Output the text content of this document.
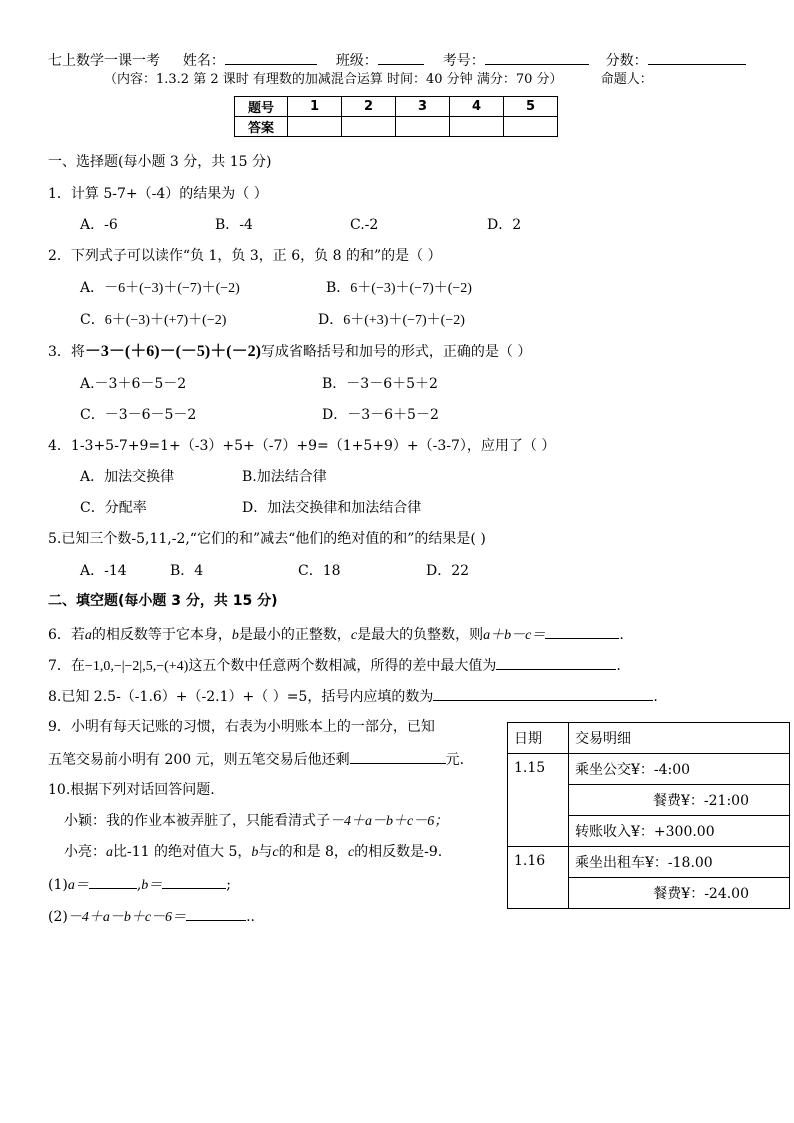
七上数学一课一考 姓名：	班级：	考号：	分数：
（内容：1.3.2 第 2 课时 有理数的加减混合运算 时间：40 分钟 满分：70 分）	命题人：
题号	1	2	3	4	5
答案					
一、选择题(每小题 3 分，共 15 分)
1．计算 5-7+（-4）的结果为（ ）
A．-6	B．-4	C.-2	D．2
2．下列式子可以读作“负 1，负 3，正 6，负 8 的和”的是（ ）
A．－6＋(−3)＋(−7)＋(−2)	B．6＋(−3)＋(−7)＋(−2)
C．6＋(−3)＋(+7)＋(−2)	D．6＋(+3)＋(−7)＋(−2)
3．将－3－(＋6)－(－5)＋(－2)写成省略括号和加号的形式，正确的是（ ）
A.－3＋6－5－2	B．－3－6＋5＋2
C．－3－6－5－2	D．－3－6＋5－2
4．1-3+5-7+9=1+（-3）+5+（-7）+9=（1+5+9）+（-3-7），应用了（ ）
A．加法交换律	B.加法结合律
C．分配率	D．加法交换律和加法结合律
5.已知三个数-5,11,-2,“它们的和”减去“他们的绝对值的和”的结果是( )
A．-14	B．4	C．18	D．22
二、填空题(每小题 3 分，共 15 分)
6．若a的相反数等于它本身，b是最小的正整数，c是最大的负整数，则a＋b－c＝	.
7．在−1,0,−|−2|,5,−(+4)这五个数中任意两个数相减，所得的差中最大值为	.
8.已知 2.5-（-1.6）+（-2.1）+（ ）=5，括号内应填的数为	.
9．小明有每天记账的习惯，右表为小明账本上的一部分，已知
五笔交易前小明有 200 元，则五笔交易后他还剩	元.
10.根据下列对话回答问题.
小颖：我的作业本被弄脏了，只能看清式子－4＋a－b＋c－6；
小亮：a比-11 的绝对值大 5，b与c的和是 8，c的相反数是-9.
(1)a＝	,b＝	;
(2)－4＋a－b＋c－6＝	..
日期	交易明细
1.15	乘坐公交¥：-4:00
	餐费¥：-21:00
	转账收入¥：+300.00
1.16	乘坐出租车¥：-18.00
	餐费¥：-24.00
